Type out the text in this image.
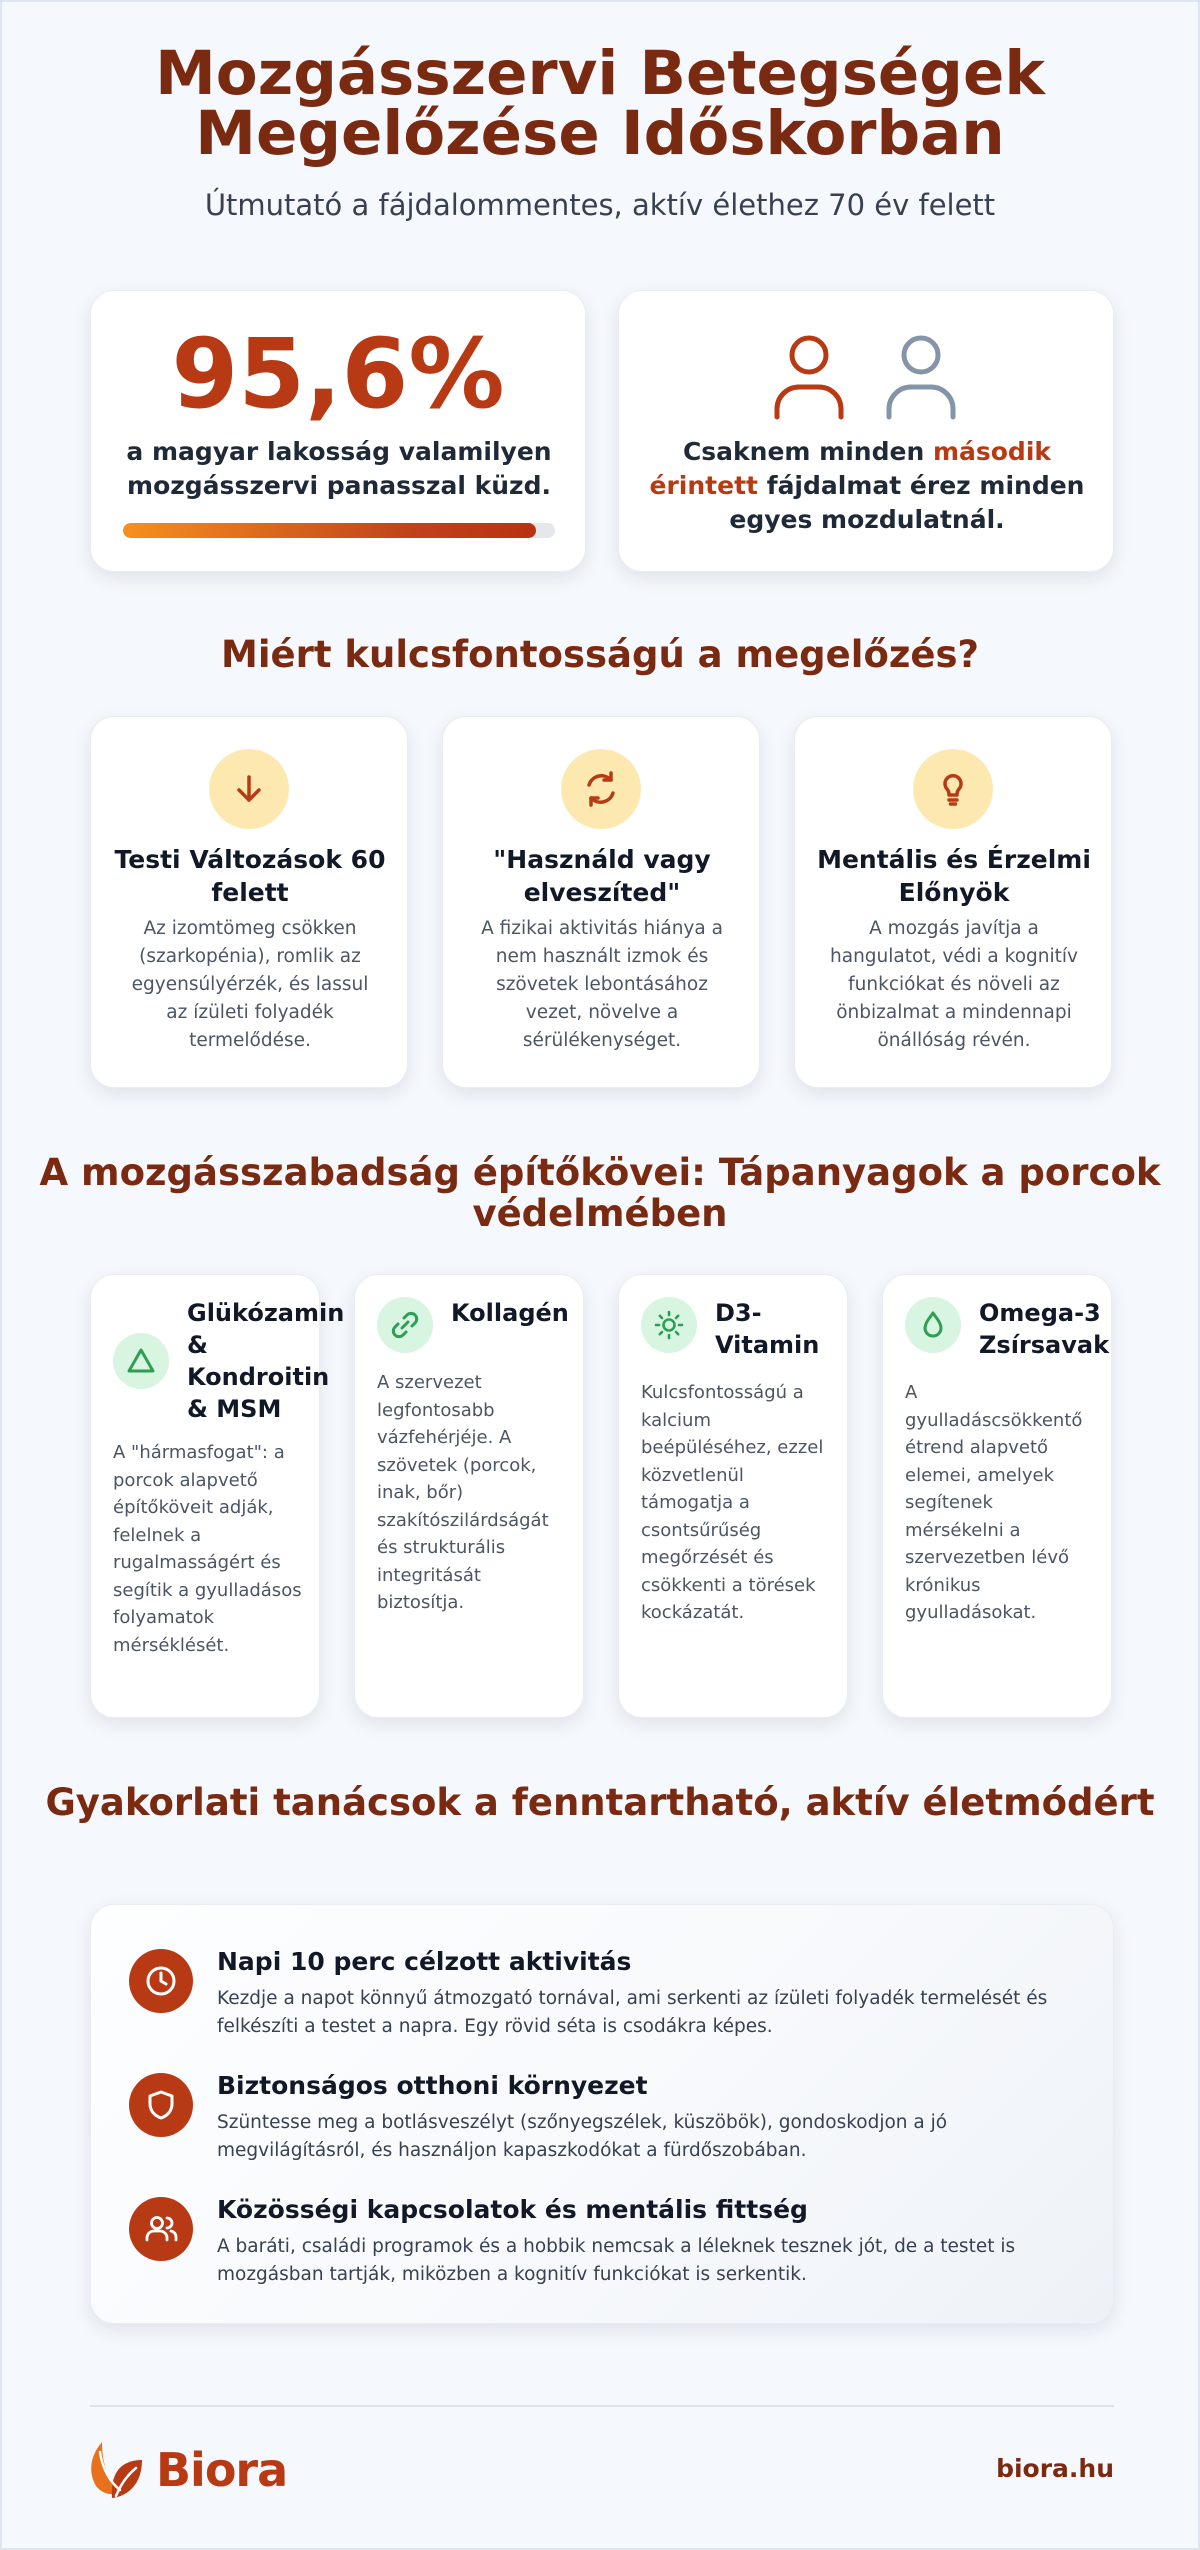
Mozgásszervi Betegségek
Megelőzése Időskorban

Útmutató a fájdalommentes, aktív élethez 70 év felett

95,6%
a magyar lakosság valamilyen mozgásszervi panasszal küzd.
Csaknem minden második érintett fájdalmat érez minden egyes mozdulatnál.
Miért kulcsfontosságú a megelőzés?
Testi Változások 60 felett
Az izomtömeg csökken (szarkopénia), romlik az egyensúlyérzék, és lassul az ízületi folyadék termelődése.
"Használd vagy elveszíted"
A fizikai aktivitás hiánya a nem használt izmok és szövetek lebontásához vezet, növelve a sérülékenységet.
Mentális és Érzelmi Előnyök
A mozgás javítja a hangulatot, védi a kognitív funkciókat és növeli az önbizalmat a mindennapi önállóság révén.
A mozgásszabadság építőkövei: Tápanyagok a porcok védelmében
Glükózamin & Kondroitin & MSM
A "hármasfogat": a porcok alapvető építőköveit adják, felelnek a rugalmasságért és segítik a gyulladásos folyamatok mérséklését.
Kollagén
A szervezet legfontosabb vázfehérjéje. A szövetek (porcok, inak, bőr) szakítószilárdságát és strukturális integritását biztosítja.
D3-Vitamin
Kulcsfontosságú a kalcium beépüléséhez, ezzel közvetlenül támogatja a csontsűrűség megőrzését és csökkenti a törések kockázatát.
Omega-3 Zsírsavak
A gyulladáscsökkentő étrend alapvető elemei, amelyek segítenek mérsékelni a szervezetben lévő krónikus gyulladásokat.
Gyakorlati tanácsok a fenntartható, aktív életmódért
Napi 10 perc célzott aktivitás
Kezdje a napot könnyű átmozgató tornával, ami serkenti az ízületi folyadék termelését és felkészíti a testet a napra. Egy rövid séta is csodákra képes.
Biztonságos otthoni környezet
Szüntesse meg a botlásveszélyt (szőnyegszélek, küszöbök), gondoskodjon a jó megvilágításról, és használjon kapaszkodókat a fürdőszobában.
Közösségi kapcsolatok és mentális fittség
A baráti, családi programok és a hobbik nemcsak a léleknek tesznek jót, de a testet is mozgásban tartják, miközben a kognitív funkciókat is serkentik.
Biora	biora.hu
